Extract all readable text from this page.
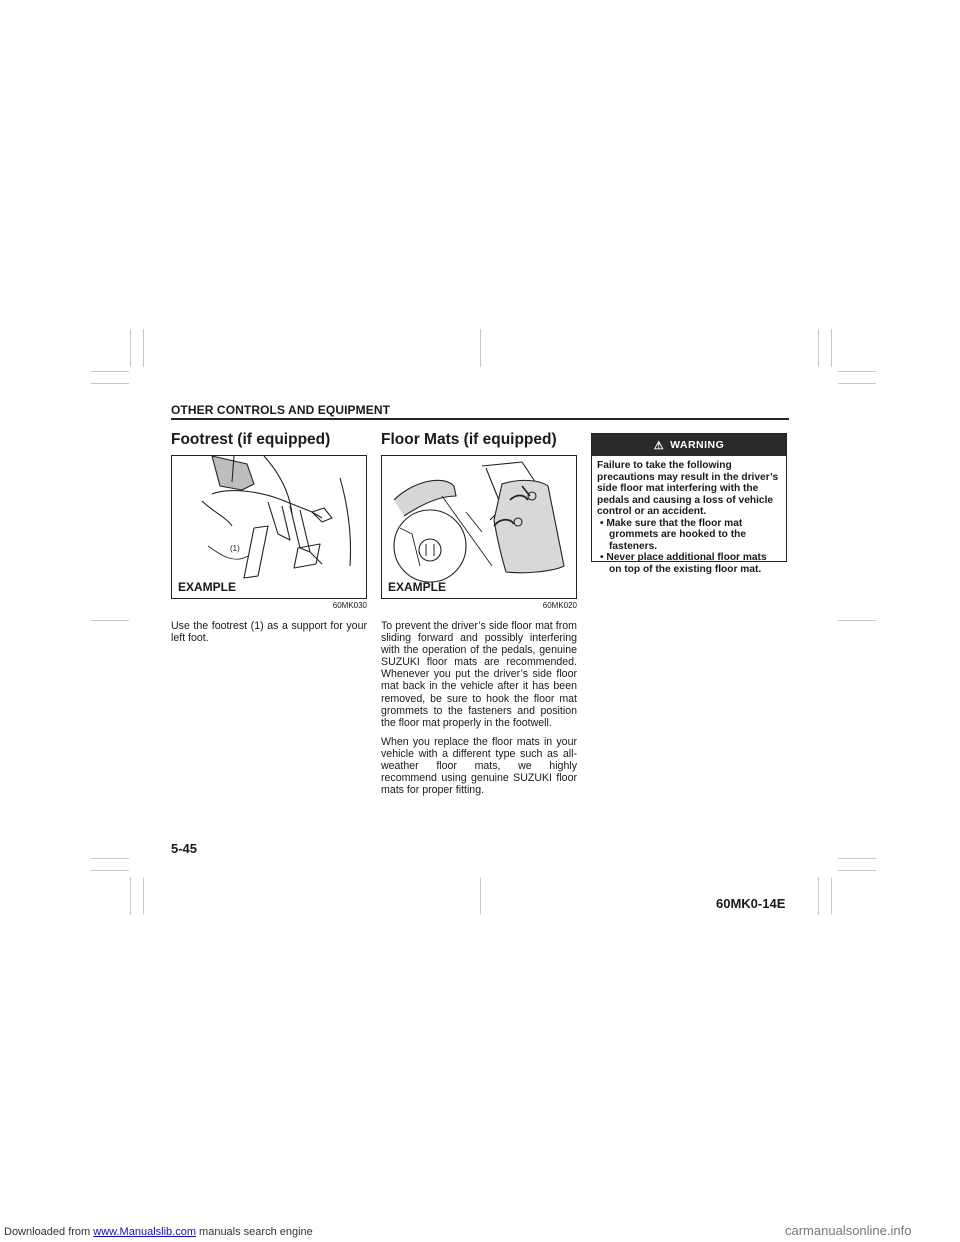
OTHER CONTROLS AND EQUIPMENT
Footrest (if equipped)
(1)
EXAMPLE
60MK030
Use the footrest (1) as a support for your left foot.
Floor Mats (if equipped)
EXAMPLE
60MK020

To prevent the driver’s side floor mat from sliding forward and possibly interfering with the operation of the pedals, genuine SUZUKI floor mats are recommended. Whenever you put the driver’s side floor mat back in the vehicle after it has been removed, be sure to hook the floor mat grommets to the fasteners and position the floor mat properly in the footwell.

When you replace the floor mats in your vehicle with a different type such as all-weather floor mats, we highly recommend using genuine SUZUKI floor mats for proper fitting.

⚠ WARNING
Failure to take the following precautions may result in the driver’s side floor mat interfering with the pedals and causing a loss of vehicle control or an accident.
• Make sure that the floor mat grommets are hooked to the fasteners.
• Never place additional floor mats on top of the existing floor mat.
5-45
60MK0-14E
Downloaded from www.Manualslib.com manuals search engine	carmanualsonline.info
